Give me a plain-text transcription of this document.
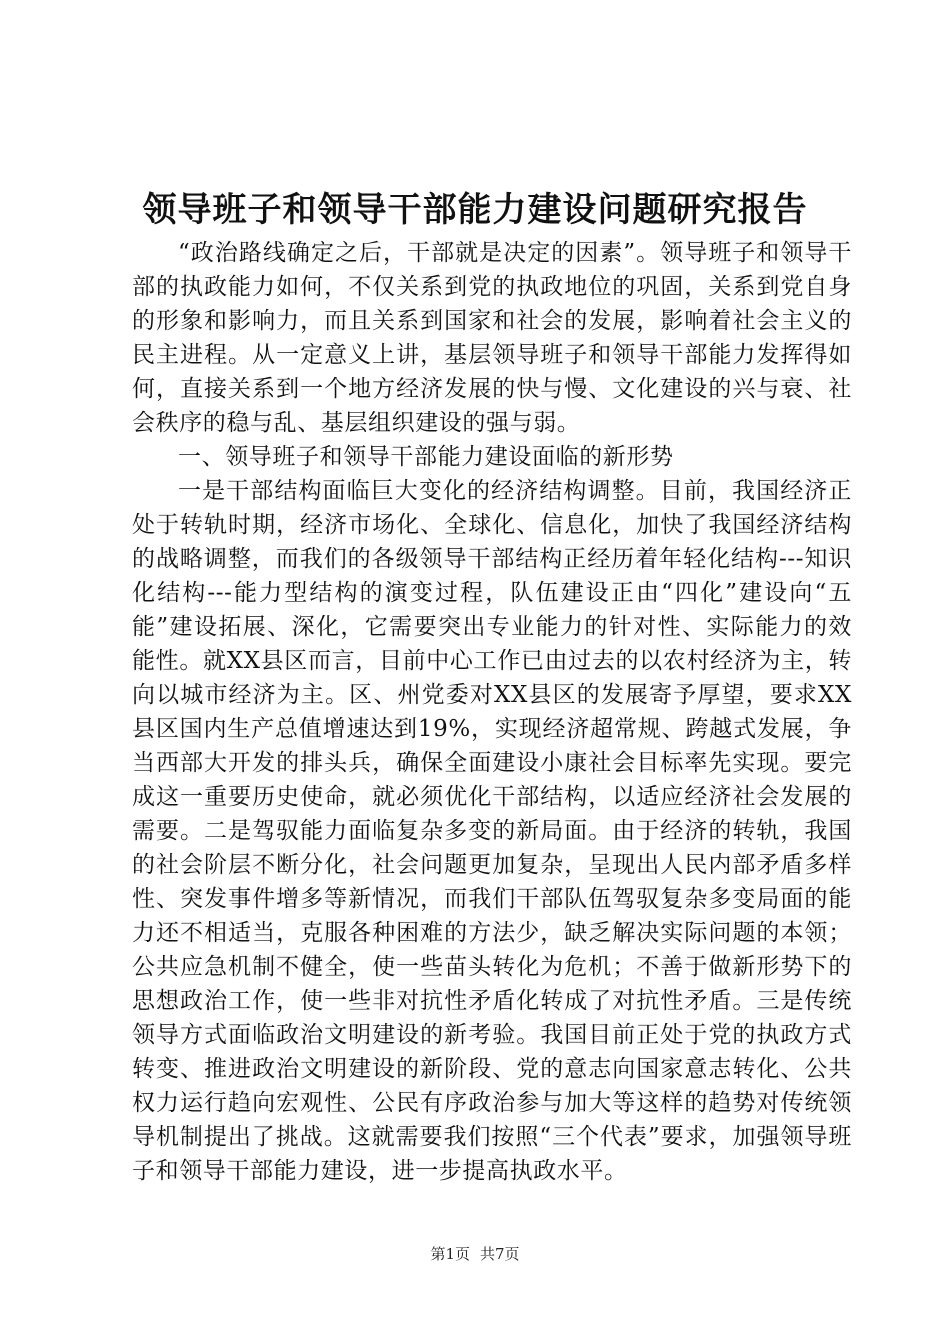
领导班子和领导干部能力建设问题研究报告

“政治路线确定之后，干部就是决定的因素”。领导班子和领导干部的执政能力如何，不仅关系到党的执政地位的巩固，关系到党自身的形象和影响力，而且关系到国家和社会的发展，影响着社会主义的民主进程。从一定意义上讲，基层领导班子和领导干部能力发挥得如何，直接关系到一个地方经济发展的快与慢、文化建设的兴与衰、社会秩序的稳与乱、基层组织建设的强与弱。

一、领导班子和领导干部能力建设面临的新形势

一是干部结构面临巨大变化的经济结构调整。目前，我国经济正处于转轨时期，经济市场化、全球化、信息化，加快了我国经济结构的战略调整，而我们的各级领导干部结构正经历着年轻化结构---知识化结构---能力型结构的演变过程，队伍建设正由“四化”建设向“五能”建设拓展、深化，它需要突出专业能力的针对性、实际能力的效能性。就XX县区而言，目前中心工作已由过去的以农村经济为主，转向以城市经济为主。区、州党委对XX县区的发展寄予厚望，要求XX县区国内生产总值增速达到19%，实现经济超常规、跨越式发展，争当西部大开发的排头兵，确保全面建设小康社会目标率先实现。要完成这一重要历史使命，就必须优化干部结构，以适应经济社会发展的需要。二是驾驭能力面临复杂多变的新局面。由于经济的转轨，我国的社会阶层不断分化，社会问题更加复杂，呈现出人民内部矛盾多样性、突发事件增多等新情况，而我们干部队伍驾驭复杂多变局面的能力还不相适当，克服各种困难的方法少，缺乏解决实际问题的本领；公共应急机制不健全，使一些苗头转化为危机；不善于做新形势下的思想政治工作，使一些非对抗性矛盾化转成了对抗性矛盾。三是传统领导方式面临政治文明建设的新考验。我国目前正处于党的执政方式转变、推进政治文明建设的新阶段、党的意志向国家意志转化、公共权力运行趋向宏观性、公民有序政治参与加大等这样的趋势对传统领导机制提出了挑战。这就需要我们按照“三个代表”要求，加强领导班子和领导干部能力建设，进一步提高执政水平。

第1页 共7页
